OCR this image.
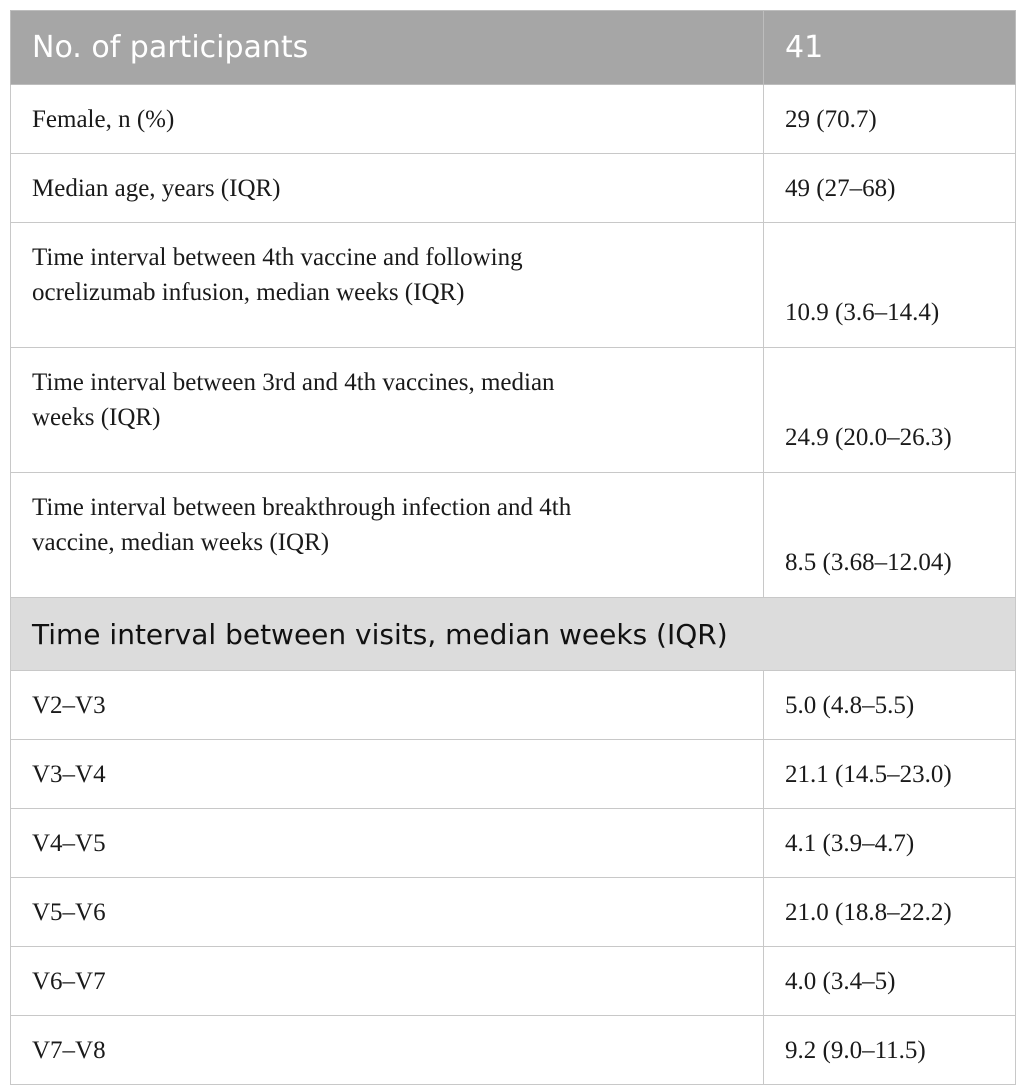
No. of participants	41
Female, n (%)	29 (70.7)
Median age, years (IQR)	49 (27–68)
Time interval between 4th vaccine and following
ocrelizumab infusion, median weeks (IQR)	10.9 (3.6–14.4)
Time interval between 3rd and 4th vaccines, median
weeks (IQR)	24.9 (20.0–26.3)
Time interval between breakthrough infection and 4th
vaccine, median weeks (IQR)	8.5 (3.68–12.04)
Time interval between visits, median weeks (IQR)	
V2–V3	5.0 (4.8–5.5)
V3–V4	21.1 (14.5–23.0)
V4–V5	4.1 (3.9–4.7)
V5–V6	21.0 (18.8–22.2)
V6–V7	4.0 (3.4–5)
V7–V8	9.2 (9.0–11.5)
